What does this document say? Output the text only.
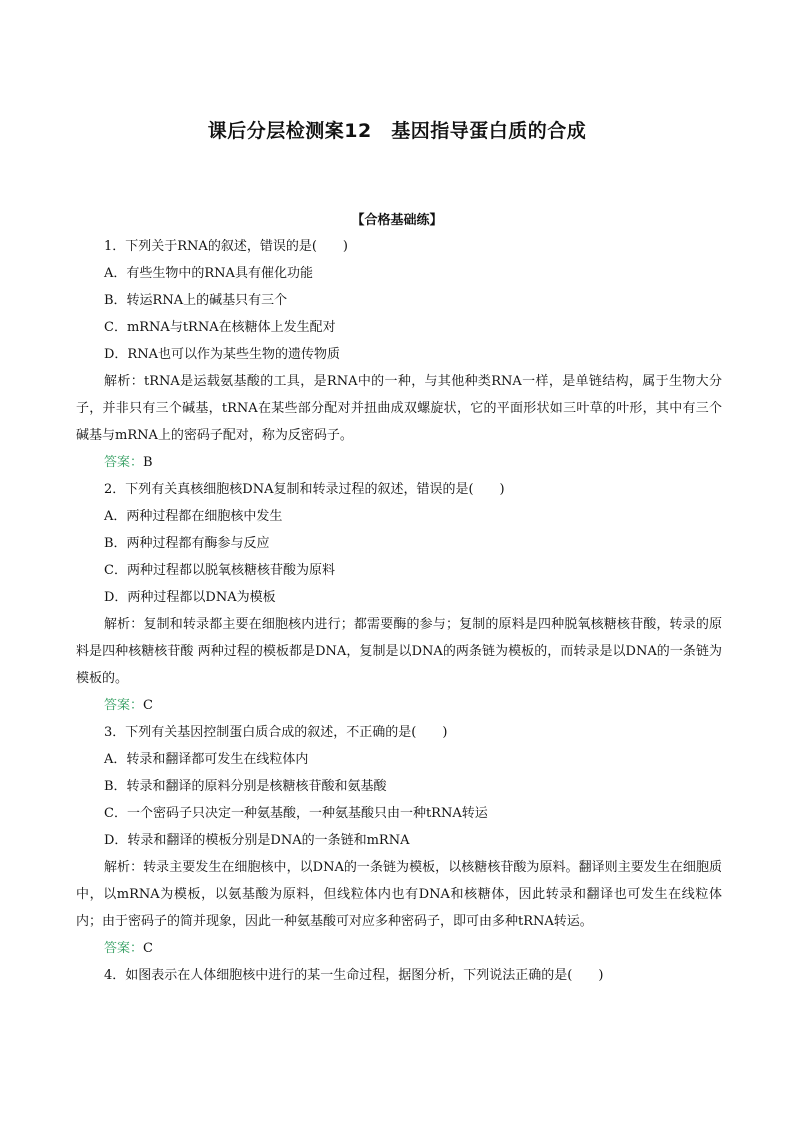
课后分层检测案12　基因指导蛋白质的合成
【合格基础练】
1．下列关于RNA的叙述，错误的是(　　)
A．有些生物中的RNA具有催化功能
B．转运RNA上的碱基只有三个
C．mRNA与tRNA在核糖体上发生配对
D．RNA也可以作为某些生物的遗传物质

解析：tRNA是运载氨基酸的工具，是RNA中的一种，与其他种类RNA一样，是单链结构，属于生物大分子，并非只有三个碱基，tRNA在某些部分配对并扭曲成双螺旋状，它的平面形状如三叶草的叶形，其中有三个碱基与mRNA上的密码子配对，称为反密码子。

答案：B
2．下列有关真核细胞核DNA复制和转录过程的叙述，错误的是(　　)
A．两种过程都在细胞核中发生
B．两种过程都有酶参与反应
C．两种过程都以脱氧核糖核苷酸为原料
D．两种过程都以DNA为模板

解析：复制和转录都主要在细胞核内进行；都需要酶的参与；复制的原料是四种脱氧核糖核苷酸，转录的原料是四种核糖核苷酸 两种过程的模板都是DNA，复制是以DNA的两条链为模板的，而转录是以DNA的一条链为模板的。

答案：C
3．下列有关基因控制蛋白质合成的叙述，不正确的是(　　)
A．转录和翻译都可发生在线粒体内
B．转录和翻译的原料分别是核糖核苷酸和氨基酸
C．一个密码子只决定一种氨基酸，一种氨基酸只由一种tRNA转运
D．转录和翻译的模板分别是DNA的一条链和mRNA

解析：转录主要发生在细胞核中，以DNA的一条链为模板，以核糖核苷酸为原料。翻译则主要发生在细胞质中，以mRNA为模板，以氨基酸为原料，但线粒体内也有DNA和核糖体，因此转录和翻译也可发生在线粒体内；由于密码子的简并现象，因此一种氨基酸可对应多种密码子，即可由多种tRNA转运。

答案：C
4．如图表示在人体细胞核中进行的某一生命过程，据图分析，下列说法正确的是(　　)
